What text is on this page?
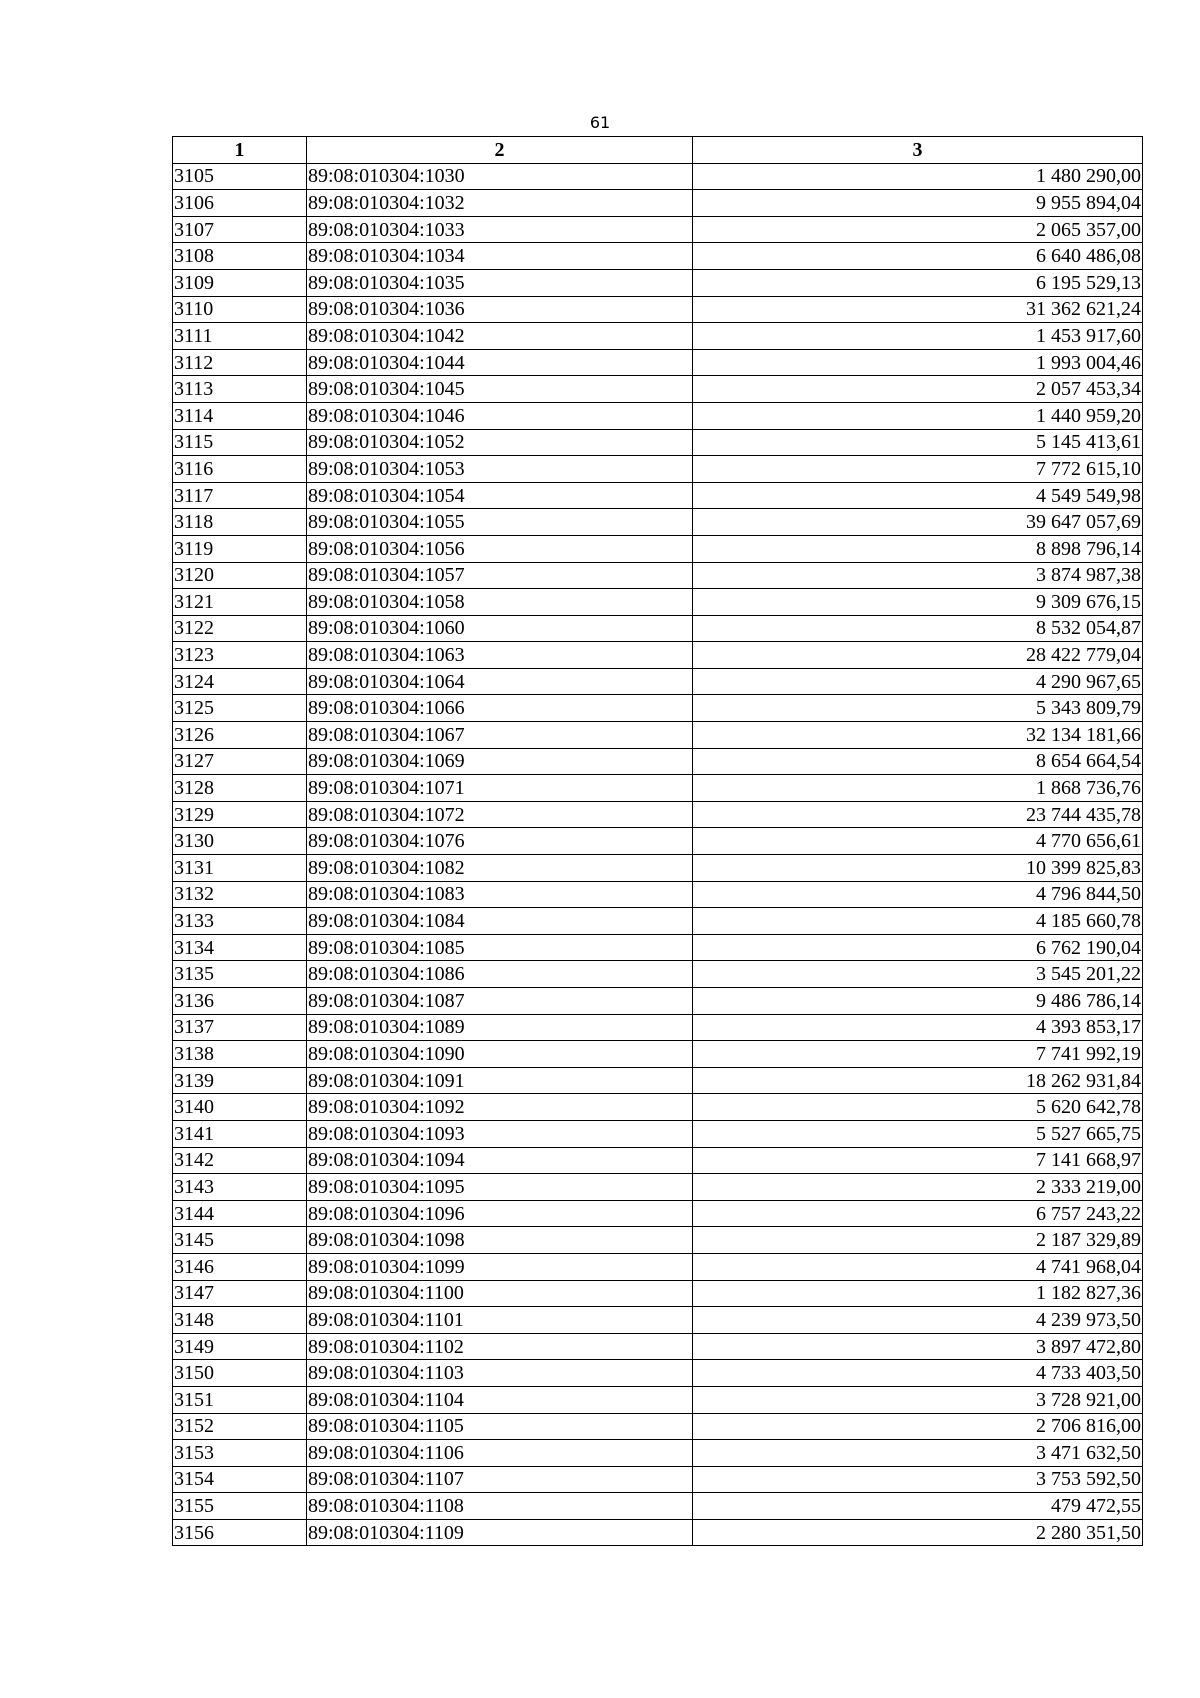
61
1	2	3
3105	89:08:010304:1030	1 480 290,00
3106	89:08:010304:1032	9 955 894,04
3107	89:08:010304:1033	2 065 357,00
3108	89:08:010304:1034	6 640 486,08
3109	89:08:010304:1035	6 195 529,13
3110	89:08:010304:1036	31 362 621,24
3111	89:08:010304:1042	1 453 917,60
3112	89:08:010304:1044	1 993 004,46
3113	89:08:010304:1045	2 057 453,34
3114	89:08:010304:1046	1 440 959,20
3115	89:08:010304:1052	5 145 413,61
3116	89:08:010304:1053	7 772 615,10
3117	89:08:010304:1054	4 549 549,98
3118	89:08:010304:1055	39 647 057,69
3119	89:08:010304:1056	8 898 796,14
3120	89:08:010304:1057	3 874 987,38
3121	89:08:010304:1058	9 309 676,15
3122	89:08:010304:1060	8 532 054,87
3123	89:08:010304:1063	28 422 779,04
3124	89:08:010304:1064	4 290 967,65
3125	89:08:010304:1066	5 343 809,79
3126	89:08:010304:1067	32 134 181,66
3127	89:08:010304:1069	8 654 664,54
3128	89:08:010304:1071	1 868 736,76
3129	89:08:010304:1072	23 744 435,78
3130	89:08:010304:1076	4 770 656,61
3131	89:08:010304:1082	10 399 825,83
3132	89:08:010304:1083	4 796 844,50
3133	89:08:010304:1084	4 185 660,78
3134	89:08:010304:1085	6 762 190,04
3135	89:08:010304:1086	3 545 201,22
3136	89:08:010304:1087	9 486 786,14
3137	89:08:010304:1089	4 393 853,17
3138	89:08:010304:1090	7 741 992,19
3139	89:08:010304:1091	18 262 931,84
3140	89:08:010304:1092	5 620 642,78
3141	89:08:010304:1093	5 527 665,75
3142	89:08:010304:1094	7 141 668,97
3143	89:08:010304:1095	2 333 219,00
3144	89:08:010304:1096	6 757 243,22
3145	89:08:010304:1098	2 187 329,89
3146	89:08:010304:1099	4 741 968,04
3147	89:08:010304:1100	1 182 827,36
3148	89:08:010304:1101	4 239 973,50
3149	89:08:010304:1102	3 897 472,80
3150	89:08:010304:1103	4 733 403,50
3151	89:08:010304:1104	3 728 921,00
3152	89:08:010304:1105	2 706 816,00
3153	89:08:010304:1106	3 471 632,50
3154	89:08:010304:1107	3 753 592,50
3155	89:08:010304:1108	479 472,55
3156	89:08:010304:1109	2 280 351,50
